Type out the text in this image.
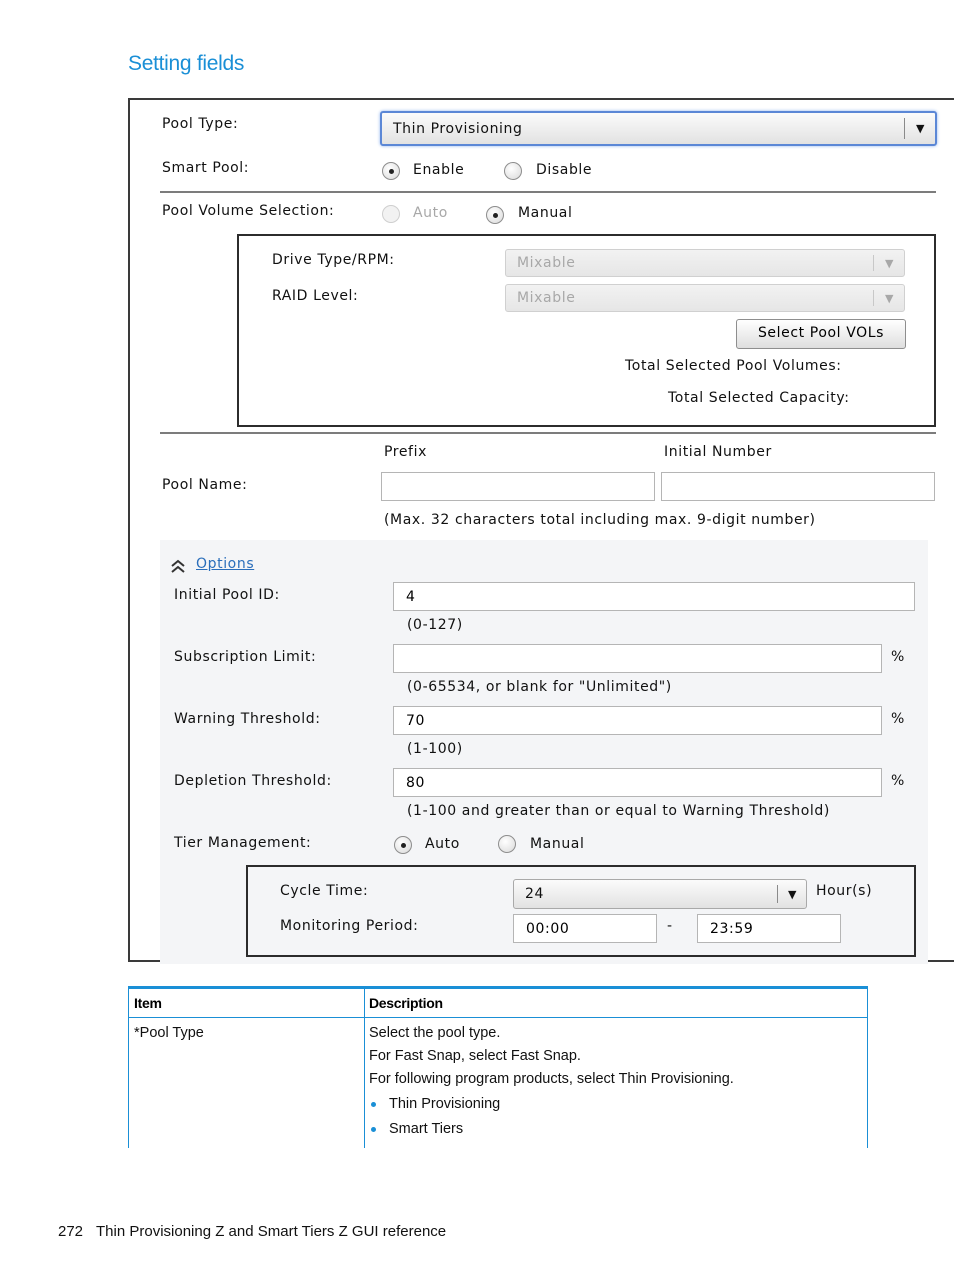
Setting fields
Pool Type:	Thin Provisioning	▼
Smart Pool:	Enable	Disable
Pool Volume Selection:	Auto	Manual
Drive Type/RPM:	Mixable	▼
RAID Level:	Mixable	▼
Select Pool VOLs
Total Selected Pool Volumes:
Total Selected Capacity:
Prefix	Initial Number
Pool Name:
(Max. 32 characters total including max. 9-digit number)
Options
Initial Pool ID:	4
(0-127)
Subscription Limit:	%
(0-65534, or blank for "Unlimited")
Warning Threshold:	70	%
(1-100)
Depletion Threshold:	80	%
(1-100 and greater than or equal to Warning Threshold)
Tier Management:	Auto	Manual
Cycle Time:	24	▼ Hour(s)
Monitoring Period:	00:00	-	23:59
Item	Description
*Pool Type	Select the pool type.
For Fast Snap, select Fast Snap.
For following program products, select Thin Provisioning.
Thin Provisioning
Smart Tiers
272 Thin Provisioning Z and Smart Tiers Z GUI reference
